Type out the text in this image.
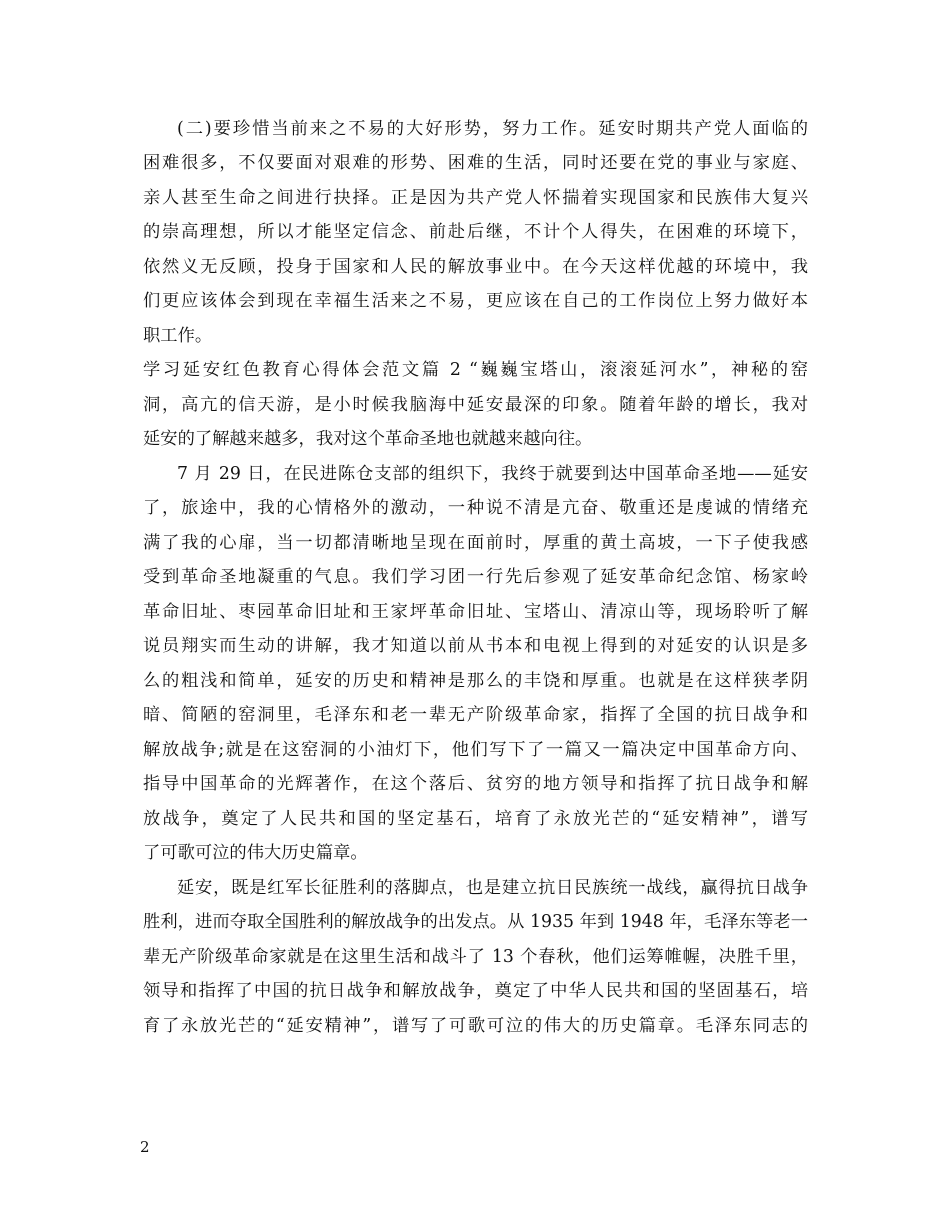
(二)要珍惜当前来之不易的大好形势，努力工作。延安时期共产党人面临的
困难很多，不仅要面对艰难的形势、困难的生活，同时还要在党的事业与家庭、
亲人甚至生命之间进行抉择。正是因为共产党人怀揣着实现国家和民族伟大复兴
的崇高理想，所以才能坚定信念、前赴后继，不计个人得失，在困难的环境下，
依然义无反顾，投身于国家和人民的解放事业中。在今天这样优越的环境中，我
们更应该体会到现在幸福生活来之不易，更应该在自己的工作岗位上努力做好本
职工作。
学习延安红色教育心得体会范文篇 2 “巍巍宝塔山，滚滚延河水”，神秘的窑
洞，高亢的信天游，是小时候我脑海中延安最深的印象。随着年龄的增长，我对
延安的了解越来越多，我对这个革命圣地也就越来越向往。
7 月 29 日，在民进陈仓支部的组织下，我终于就要到达中国革命圣地——延安
了，旅途中，我的心情格外的激动，一种说不清是亢奋、敬重还是虔诚的情绪充
满了我的心扉，当一切都清晰地呈现在面前时，厚重的黄土高坡，一下子使我感
受到革命圣地凝重的气息。我们学习团一行先后参观了延安革命纪念馆、杨家岭
革命旧址、枣园革命旧址和王家坪革命旧址、宝塔山、清凉山等，现场聆听了解
说员翔实而生动的讲解，我才知道以前从书本和电视上得到的对延安的认识是多
么的粗浅和简单，延安的历史和精神是那么的丰饶和厚重。也就是在这样狭孝阴
暗、简陋的窑洞里，毛泽东和老一辈无产阶级革命家，指挥了全国的抗日战争和
解放战争;就是在这窑洞的小油灯下，他们写下了一篇又一篇决定中国革命方向、
指导中国革命的光辉著作，在这个落后、贫穷的地方领导和指挥了抗日战争和解
放战争，奠定了人民共和国的坚定基石，培育了永放光芒的“延安精神”，谱写
了可歌可泣的伟大历史篇章。
延安，既是红军长征胜利的落脚点，也是建立抗日民族统一战线，赢得抗日战争
胜利，进而夺取全国胜利的解放战争的出发点。从 1935 年到 1948 年，毛泽东等老一
辈无产阶级革命家就是在这里生活和战斗了 13 个春秋，他们运筹帷幄，决胜千里，
领导和指挥了中国的抗日战争和解放战争，奠定了中华人民共和国的坚固基石，培
育了永放光芒的“延安精神”，谱写了可歌可泣的伟大的历史篇章。毛泽东同志的
2
